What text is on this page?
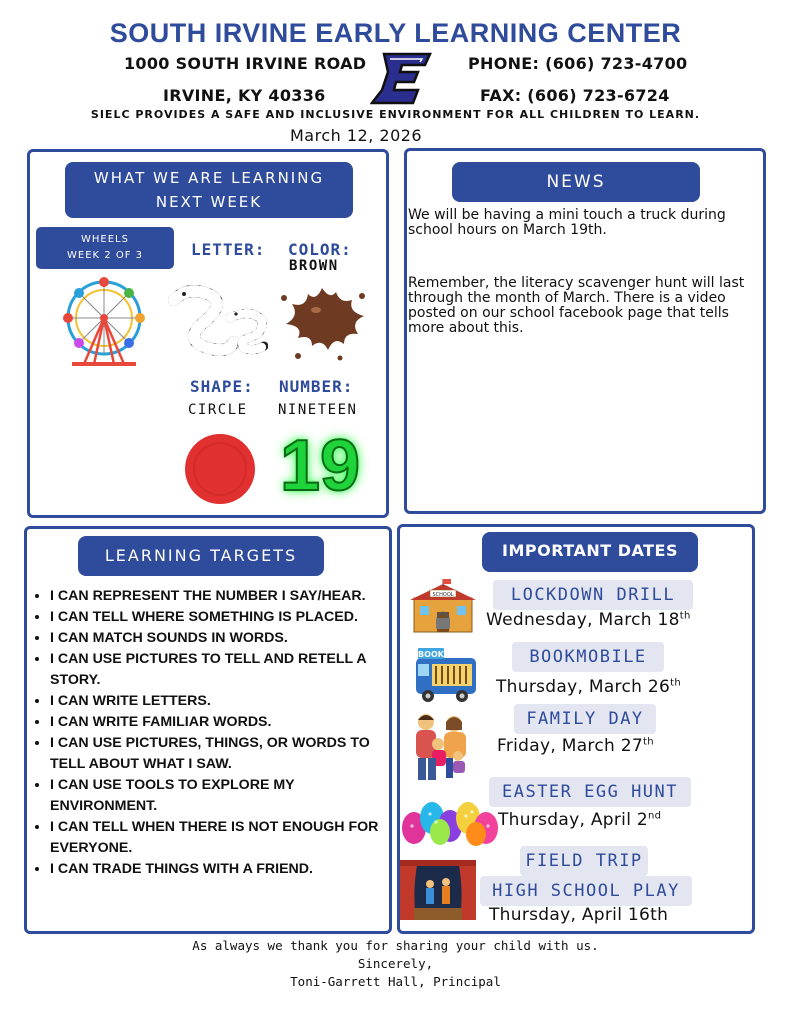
SOUTH IRVINE EARLY LEARNING CENTER
1000 SOUTH IRVINE ROAD
IRVINE, KY 40336
PHONE: (606) 723-4700
FAX: (606) 723-6724
SIELC PROVIDES A SAFE AND INCLUSIVE ENVIRONMENT FOR ALL CHILDREN TO LEARN.
March 12, 2026
WHAT WE ARE LEARNING
NEXT WEEK
WHEELS
WEEK 2 OF 3	LETTER: COLOR:
BROWN
SHAPE: NUMBER:
CIRCLE NINETEEN
19
NEWS

We will be having a mini touch a truck during school hours on March 19th.

Remember, the literacy scavenger hunt will last through the month of March. There is a video posted on our school facebook page that tells more about this.

LEARNING TARGETS
• I CAN REPRESENT THE NUMBER I SAY/HEAR.
• I CAN TELL WHERE SOMETHING IS PLACED.
• I CAN MATCH SOUNDS IN WORDS.
• I CAN USE PICTURES TO TELL AND RETELL A STORY.
• I CAN WRITE LETTERS.
• I CAN WRITE FAMILIAR WORDS.
• I CAN USE PICTURES, THINGS, OR WORDS TO TELL ABOUT WHAT I SAW.
• I CAN USE TOOLS TO EXPLORE MY ENVIRONMENT.
• I CAN TELL WHEN THERE IS NOT ENOUGH FOR EVERYONE.
• I CAN TRADE THINGS WITH A FRIEND.
IMPORTANT DATES
SCHOOL	LOCKDOWN DRILL
Wednesday, March 18th
BOOK	BOOKMOBILE
Thursday, March 26th
FAMILY DAY
Friday, March 27th
EASTER EGG HUNT
Thursday, April 2nd
FIELD TRIP
HIGH SCHOOL PLAY
Thursday, April 16th
As always we thank you for sharing your child with us.
Sincerely,
Toni-Garrett Hall, Principal
